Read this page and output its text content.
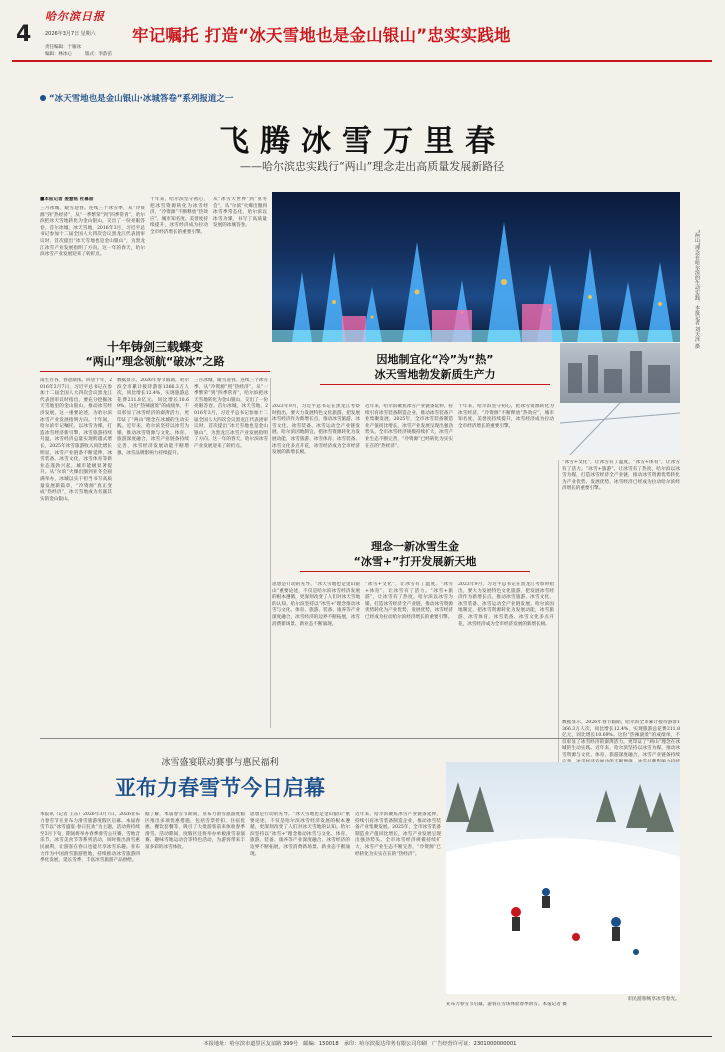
4
哈尔滨日报
2026年3月7日 星期六
责任编辑：于雁冰
编辑：林冰心	版式：李韵苗
牢记嘱托 打造“冰天雪地也是金山银山”忠实实践地
“冰天雪地也是金山银山·冰城答卷”系列报道之一
飞腾冰雪万里春
——哈尔滨忠实践行“两山”理念走出高质量发展新路径
■本报记者 姜慧铭 杜幕喆
三月冰城，暖雪迎春。连续三个冰雪季，从“冷资源”到“热经济”，从“一季繁荣”到“四季常青”，哈尔滨把冰天雪地转化为金山银山，交出了一份亮眼答卷。首尔冰城，冰天雪地，2016年3月，习近平总书记参加十二届全国人大四次会议黑龙江代表团审议时，首次提出“冰天雪地也是金山银山”，为黑龙江冰雪产业发展指明了方向。这一年的春天，哈尔滨冰雪产业发展迎来了转折点。
十年来，哈尔滨坚守初心，把冰雪资源转化为冰雪经济，“冷资源”不断释放“热效应”，城市知名度、美誉度持续提升，冰雪经济成为拉动全市经济增长的重要引擎。
从“冰雪大世界”到“亚冬会”，从“尔滨”火爆出圈到冰雪季常态化，哈尔滨以冰雪为媒，书写了高质量发展的冰城答卷。
“两山”理念在哈尔滨的生动实践。本报记者 刘天泽 摄
十年铸剑三载蝶变
“两山”理念领航“破冰”之路
雨生百谷，春意渐浓。回望十年，2016年3月7日，习近平总书记在参加十二届全国人大四次会议黑龙江代表团审议时指出，要充分挖掘冰天雪地里的金山银山，推动冰雪经济发展。这一重要论述，为哈尔滨冰雪产业发展指明方向。十年间，哈尔滨牢记嘱托，以冰雪为媒，打造冰雪经济新引擎，冰雪旅游持续升温，冰雪经济总量实现跨越式增长，2025年冰雪旅游收入同比增长明显，冰雪产业链条不断延伸，冰雪装备、冰雪文化、冰雪体育等新业态蓬勃兴起，城市能级显著提升。从“尔滨”火爆出圈到亚冬会圆满举办，冰城以实干担当书写高质量发展新篇章，“冷资源”真正变成“热经济”，冰天雪地成为名副其实的金山银山。
数据显示，2026年春节假期，哈尔滨全市累计接待游客1366.3万人次，同比增长12.4%，实现旅游总花费211.8亿元，同比增长10.69%。这份“热辣滚烫”的成绩单，不仅彰显了冰雪经济的澎湃活力，更印证了“两山”理念在冰城的生动实践。近年来，哈尔滨坚持以冰雪为媒，推动冰雪资源与文化、体育、旅游深度融合，冰雪产业链条持续完善，冰雪经济发展动能不断增强，冰雪品牌影响力持续提升。
三月冰城，暖雪迎春。连续三个冰雪季，从“冷资源”到“热经济”，从“一季繁荣”到“四季常青”，哈尔滨把冰天雪地转化为金山银山，交出了一份亮眼答卷。首尔冰城，冰天雪地，2016年3月，习近平总书记参加十二届全国人大四次会议黑龙江代表团审议时，首次提出“冰天雪地也是金山银山”，为黑龙江冰雪产业发展指明了方向。这一年的春天，哈尔滨冰雪产业发展迎来了转折点。
因地制宜化“冷”为“热”
冰天雪地勃发新质生产力
2023年9月，习近平总书记在黑龙江考察时指出，要大力发展特色文化旅游，把发展冰雪经济作为新增长点，推动冰雪旅游、冰雪文化、冰雪装备、冰雪运动全产业链发展。哈尔滨因地制宜，把冰雪资源转化为发展动能，冰雪旅游、冰雪体育、冰雪装备、冰雪文化多点开花，冰雪经济成为全市经济发展的新增长极。
近年来，哈尔滨聚焦冰雪产业链条延伸，持续引育冰雪装备制造企业，推动冰雪装备产业集聚发展。2025年，全市冰雪装备制造业产值同比增长，冰雪产业发展呈现出强劲势头。全市冰雪经济规模持续扩大，冰雪产业生态不断完善，“冷资源”已经转化为实实在在的“热经济”。
十年来，哈尔滨坚守初心，把冰雪资源转化为冰雪经济，“冷资源”不断释放“热效应”，城市知名度、美誉度持续提升，冰雪经济成为拉动全市经济增长的重要引擎。
“冰雪+文化”，让冰雪有了温度。“冰雪+体育”，让冰雪有了活力。“冰雪+旅游”，让冰雪有了热度。哈尔滨以冰雪为媒，打造冰雪经济全产业链，推动冰雪资源优势转化为产业优势、发展优势，冰雪经济已经成为拉动哈尔滨经济增长的重要引擎。
数据显示，2026年春节假期，哈尔滨全市累计接待游客1366.3万人次，同比增长12.4%，实现旅游总花费211.8亿元，同比增长10.69%。这份“热辣滚烫”的成绩单，不仅彰显了冰雪经济的澎湃活力，更印证了“两山”理念在冰城的生动实践。近年来，哈尔滨坚持以冰雪为媒，推动冰雪资源与文化、体育、旅游深度融合，冰雪产业链条持续
理念一新冰雪生金
“冰雪+”打开发展新天地
思想是行动的先导。“冰天雪地也是金山银山”重要论述，不仅是哈尔滨冰雪经济发展的根本遵循，更深刻改变了人们对冰天雪地的认知。哈尔滨坚持以“冰雪+”理念推动冰雪与文化、体育、旅游、装备、康养等产业深度融合，冰雪经济的边界不断拓展，冰雪消费新场景、新业态不断涌现。
“冰雪+文化”，让冰雪有了温度。“冰雪+体育”，让冰雪有了活力。“冰雪+旅游”，让冰雪有了热度。哈尔滨以冰雪为媒，打造冰雪经济全产业链，推动冰雪资源优势转化为产业优势、发展优势，冰雪经济已经成为拉动哈尔滨经济增长的重要引擎。
2023年9月，习近平总书记在黑龙江考察时指出，要大力发展特色文化旅游，把发展冰雪经济作为新增长点，推动冰雪旅游、冰雪文化、冰雪装备、冰雪运动全产业链发展。哈尔滨因地制宜，把冰雪资源转化为发展动能，冰雪旅游、冰雪体育、冰雪装备、冰雪文化多点开花，冰雪经济成为全市经济发展的新增长极。
冰雪盛宴联动赛事与惠民福利
亚布力春雪节今日启幕
本报讯（记者 王东）2026年3月7日，2026亚布力春雪节在亚布力滑雪旅游度假区启幕。本届春雪节以“冰雪盛宴·春日狂欢”为主题，活动将持续至3月下旬，期间将举办春季滑雪公开赛、雪地音乐节、冰雪美食节等系列活动，同时推出滑雪惠民福利，让游客在春日也能尽享冰雪乐趣。亚布力作为中国滑雪旅游胜地，持续推动冰雪旅游四季化发展，延长雪季，丰富冰雪旅游产品供给。
据了解，本届春雪节期间，亚布力滑雪旅游度假区推出多项优惠措施，包括雪票折扣、住宿优惠、餐饮套餐等，吸引了大批游客前来体验春季滑雪。活动期间，度假区还将举办单板滑雪表演赛、趣味雪地运动会等特色活动，为游客带来丰富多彩的冰雪体验。
思想是行动的先导。“冰天雪地也是金山银山”重要论述，不仅是哈尔滨冰雪经济发展的根本遵循，更深刻改变了人们对冰天雪地的认知。哈尔滨坚持以“冰雪+”理念推动冰雪与文化、体育、旅游、装备、康养等产业深度融合，冰雪经济的边界不断拓展，冰雪消费新场景、新业态不断涌现。
近年来，哈尔滨聚焦冰雪产业链条延伸，持续引育冰雪装备制造企业，推动冰雪装备产业集聚发展。2025年，全市冰雪装备制造业产值同比增长，冰雪产业发展呈现出强劲势头。全市冰雪经济规模持续扩大，冰雪产业生态不断完善，“冷资源”已经转化为实实在在的“热经济”。
市民游客畅享冰雪春光。
亚布力春雪节启幕，游客在雪场体验春季滑雪。本报记者 摄
本报地址：哈尔滨市道里区友谊路 399号　邮编：150018　承印：哈尔滨报达印务有限公司印刷　广告经营许可证：2301000000001
